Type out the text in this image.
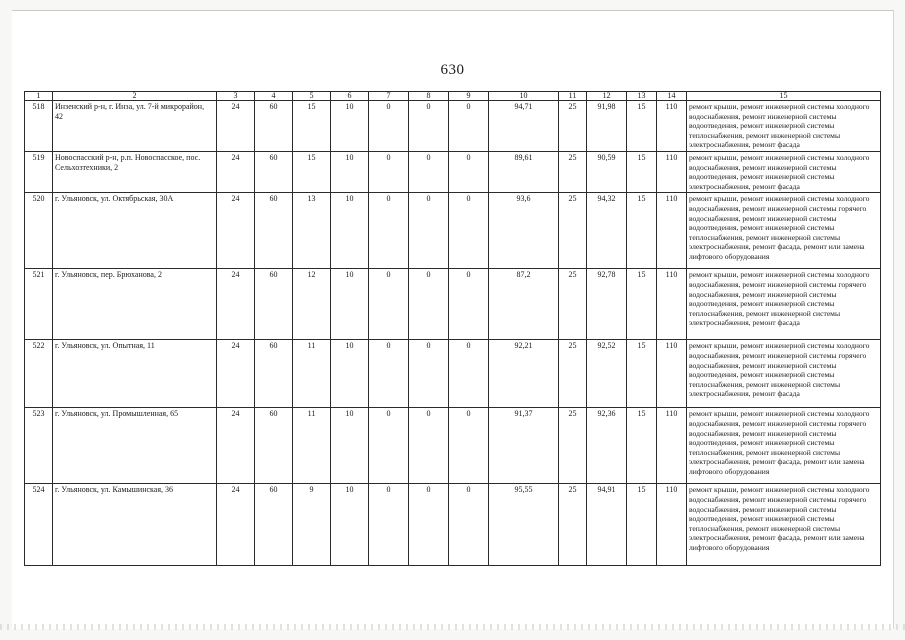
630
1	2	3	4	5	6	7	8	9	10	11	12	13	14	15
518	Инзенский р-н, г. Инза, ул. 7-й микрорайон, 42	24	60	15	10	0	0	0	94,71	25	91,98	15	110	ремонт крыши, ремонт инженерной системы холодного водоснабжения, ремонт инженерной системы водоотведения, ремонт инженерной системы теплоснабжения, ремонт инженерной системы электроснабжения, ремонт фасада
519	Новоспасский р-н, р.п. Новоспасское, пос. Сельхозтехники, 2	24	60	15	10	0	0	0	89,61	25	90,59	15	110	ремонт крыши, ремонт инженерной системы холодного водоснабжения, ремонт инженерной системы водоотведения, ремонт инженерной системы электроснабжения, ремонт фасада
520	г. Ульяновск, ул. Октябрьская, 30А	24	60	13	10	0	0	0	93,6	25	94,32	15	110	ремонт крыши, ремонт инженерной системы холодного водоснабжения, ремонт инженерной системы горячего водоснабжения, ремонт инженерной системы водоотведения, ремонт инженерной системы теплоснабжения, ремонт инженерной системы электроснабжения, ремонт фасада, ремонт или замена лифтового оборудования
521	г. Ульяновск, пер. Брюханова, 2	24	60	12	10	0	0	0	87,2	25	92,78	15	110	ремонт крыши, ремонт инженерной системы холодного водоснабжения, ремонт инженерной системы горячего водоснабжения, ремонт инженерной системы водоотведения, ремонт инженерной системы теплоснабжения, ремонт инженерной системы электроснабжения, ремонт фасада
522	г. Ульяновск, ул. Опытная, 11	24	60	11	10	0	0	0	92,21	25	92,52	15	110	ремонт крыши, ремонт инженерной системы холодного водоснабжения, ремонт инженерной системы горячего водоснабжения, ремонт инженерной системы водоотведения, ремонт инженерной системы теплоснабжения, ремонт инженерной системы электроснабжения, ремонт фасада
523	г. Ульяновск, ул. Промышленная, 65	24	60	11	10	0	0	0	91,37	25	92,36	15	110	ремонт крыши, ремонт инженерной системы холодного водоснабжения, ремонт инженерной системы горячего водоснабжения, ремонт инженерной системы водоотведения, ремонт инженерной системы теплоснабжения, ремонт инженерной системы электроснабжения, ремонт фасада, ремонт или замена лифтового оборудования
524	г. Ульяновск, ул. Камышинская, 36	24	60	9	10	0	0	0	95,55	25	94,91	15	110	ремонт крыши, ремонт инженерной системы холодного водоснабжения, ремонт инженерной системы горячего водоснабжения, ремонт инженерной системы водоотведения, ремонт инженерной системы теплоснабжения, ремонт инженерной системы электроснабжения, ремонт фасада, ремонт или замена лифтового оборудования
